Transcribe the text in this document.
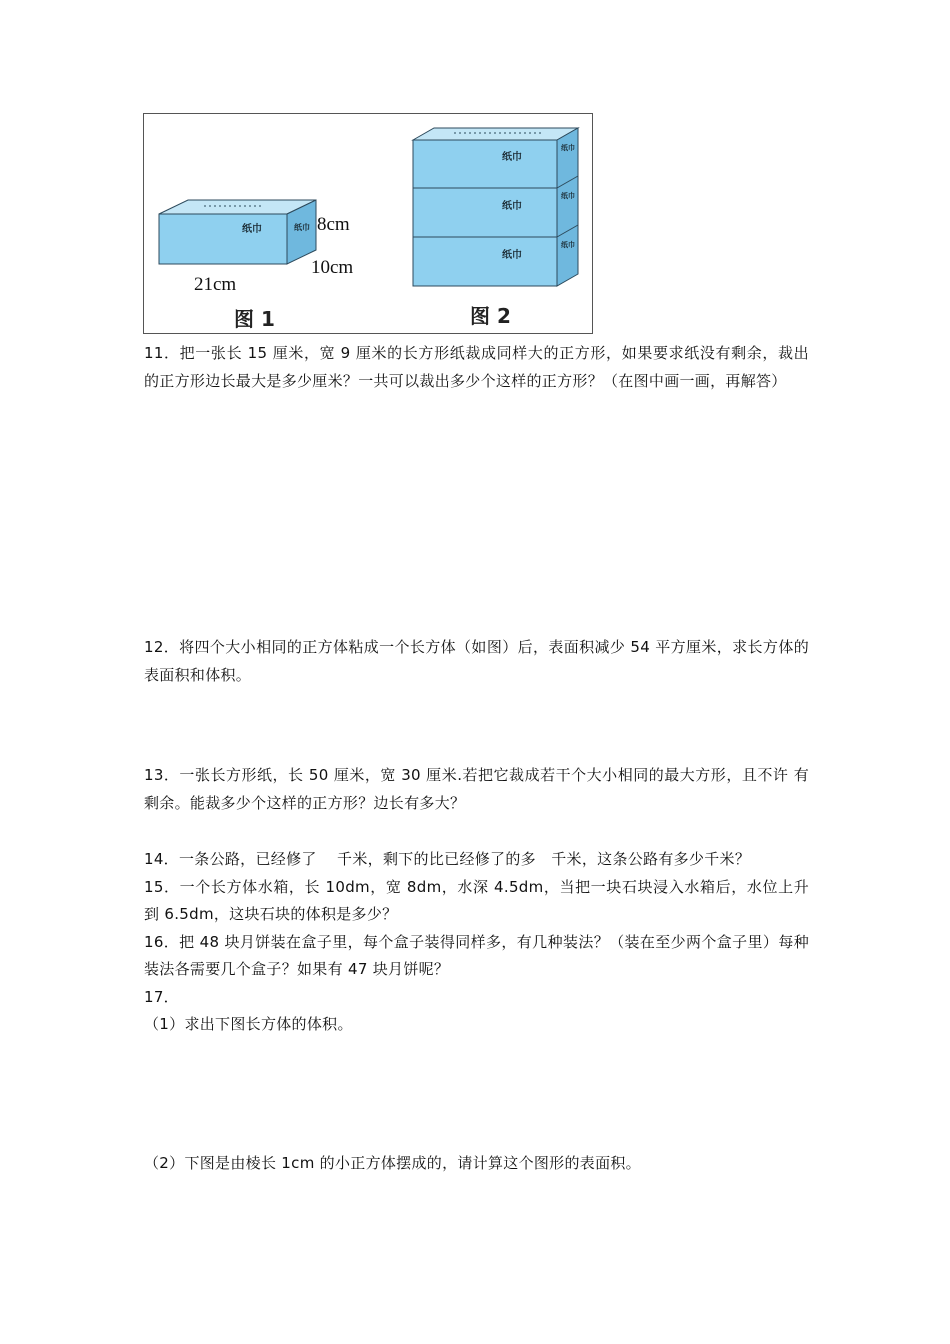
纸巾	纸巾 8cm
10cm
21cm
图 1
纸巾
纸巾
纸巾
纸巾
纸巾
纸巾
图 2

11．把一张长 15 厘米，宽 9 厘米的长方形纸裁成同样大的正方形，如果要求纸没有剩余，裁出的正方形边长最大是多少厘米？一共可以裁出多少个这样的正方形？（在图中画一画，再解答）

12．将四个大小相同的正方体粘成一个长方体（如图）后，表面积减少 54 平方厘米，求长方体的表面积和体积。

13．一张长方形纸，长 50 厘米，宽 30 厘米.若把它裁成若干个大小相同的最大方形，且不许 有剩余。能裁多少个这样的正方形？边长有多大？

14．一条公路，已经修了　 千米，剩下的比已经修了的多　千米，这条公路有多少千米？

15．一个长方体水箱，长 10dm，宽 8dm，水深 4.5dm，当把一块石块浸入水箱后，水位上升到 6.5dm，这块石块的体积是多少？

16．把 48 块月饼装在盒子里，每个盒子装得同样多，有几种装法？（装在至少两个盒子里）每种装法各需要几个盒子？如果有 47 块月饼呢？

17．

（1）求出下图长方体的体积。

（2）下图是由棱长 1cm 的小正方体摆成的，请计算这个图形的表面积。
